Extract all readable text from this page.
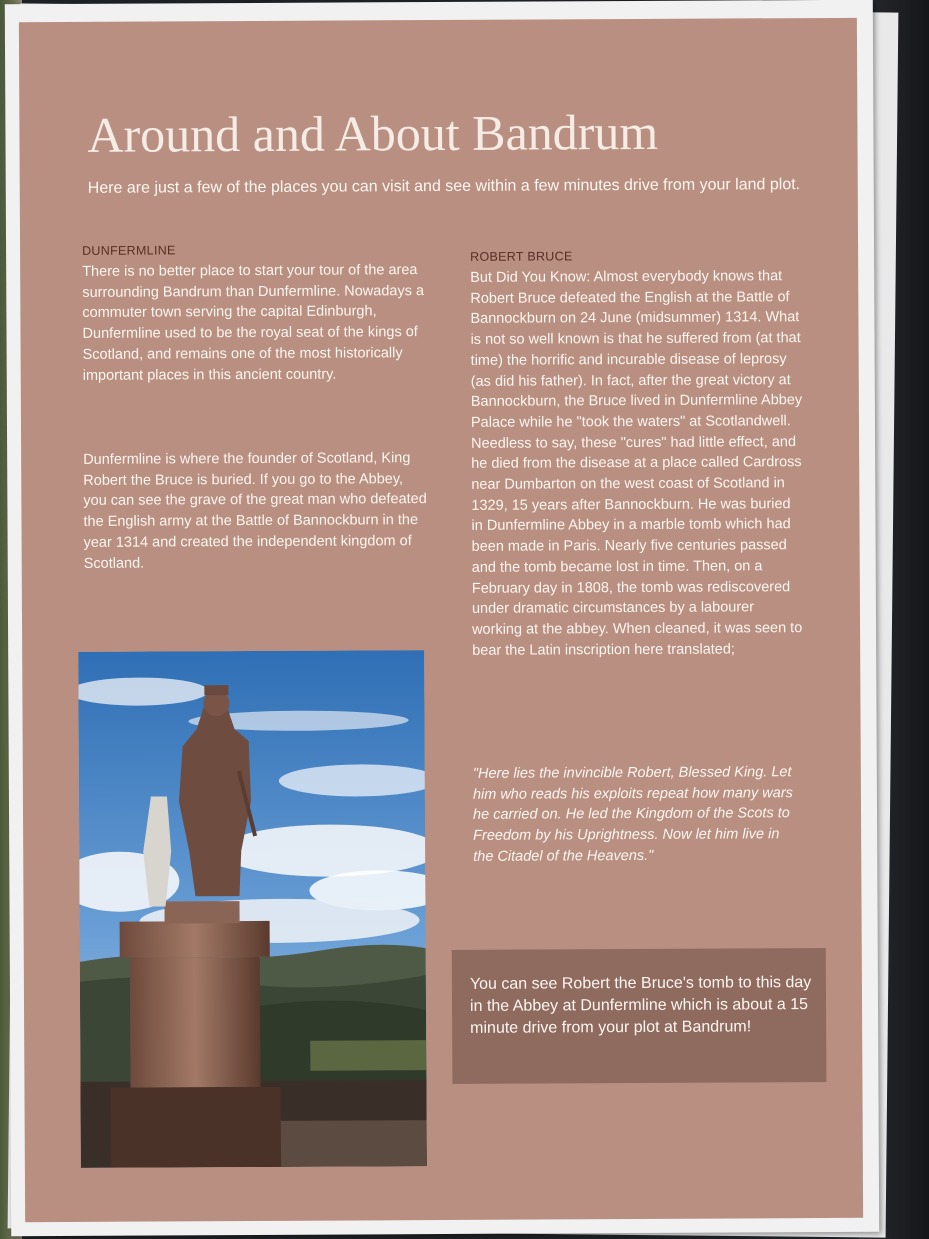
Around and About Bandrum
Here are just a few of the places you can visit and see within a few minutes drive from your land plot.
DUNFERMLINE
There is no better place to start your tour of the area surrounding Bandrum than Dunfermline. Nowadays a commuter town serving the capital Edinburgh, Dunfermline used to be the royal seat of the kings of Scotland, and remains one of the most historically important places in this ancient country.
Dunfermline is where the founder of Scotland, King Robert the Bruce is buried. If you go to the Abbey, you can see the grave of the great man who defeated the English army at the Battle of Bannockburn in the year 1314 and created the independent kingdom of Scotland.
ROBERT BRUCE
But Did You Know: Almost everybody knows that Robert Bruce defeated the English at the Battle of Bannockburn on 24 June (midsummer) 1314. What is not so well known is that he suffered from (at that time) the horrific and incurable disease of leprosy (as did his father). In fact, after the great victory at Bannockburn, the Bruce lived in Dunfermline Abbey Palace while he "took the waters" at Scotlandwell. Needless to say, these "cures" had little effect, and he died from the disease at a place called Cardross near Dumbarton on the west coast of Scotland in 1329, 15 years after Bannockburn. He was buried in Dunfermline Abbey in a marble tomb which had been made in Paris. Nearly five centuries passed and the tomb became lost in time. Then, on a February day in 1808, the tomb was rediscovered under dramatic circumstances by a labourer working at the abbey. When cleaned, it was seen to bear the Latin inscription here translated;
"Here lies the invincible Robert, Blessed King. Let him who reads his exploits repeat how many wars he carried on. He led the Kingdom of the Scots to Freedom by his Uprightness. Now let him live in the Citadel of the Heavens."
You can see Robert the Bruce's tomb to this day in the Abbey at Dunfermline which is about a 15 minute drive from your plot at Bandrum!
